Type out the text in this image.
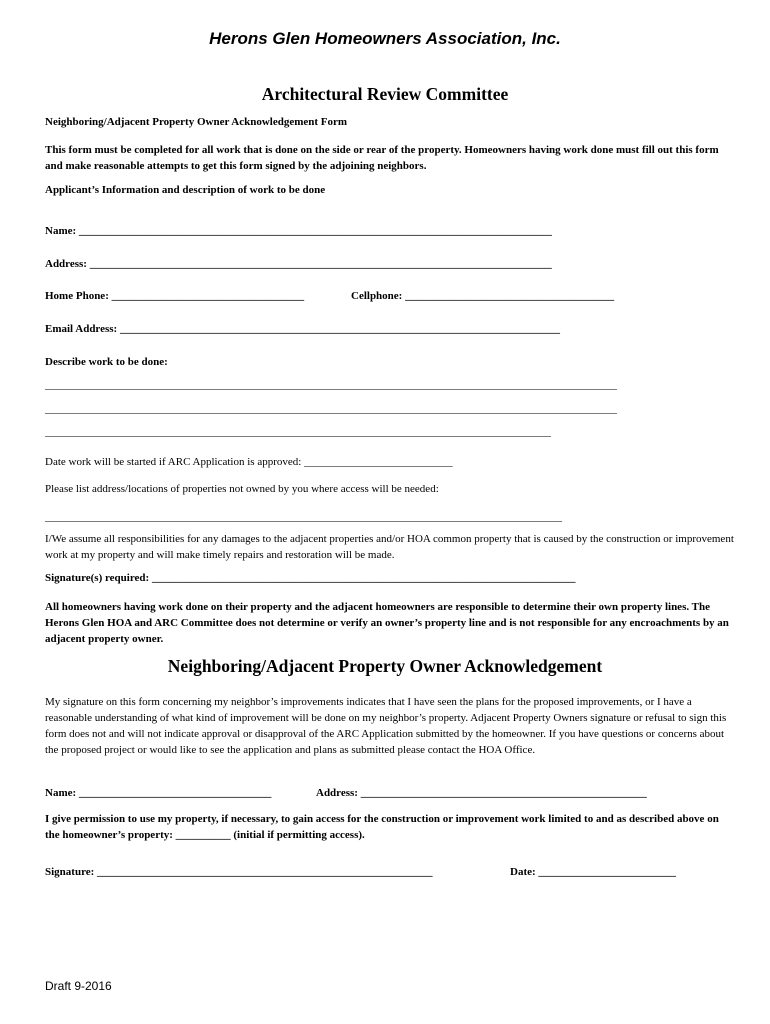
Herons Glen Homeowners Association, Inc.
Architectural Review Committee
Neighboring/Adjacent Property Owner Acknowledgement Form
This form must be completed for all work that is done on the side or rear of the property. Homeowners having work done must fill out this form and make reasonable attempts to get this form signed by the adjoining neighbors.
Applicant’s Information and description of work to be done
Name: ______________________________________________________________________________________
Address: ____________________________________________________________________________________
Home Phone: ___________________________________	Cellphone: ______________________________________
Email Address: ________________________________________________________________________________
Describe work to be done:
________________________________________________________________________________________________________
________________________________________________________________________________________________________
____________________________________________________________________________________________
Date work will be started if ARC Application is approved: ___________________________
Please list address/locations of properties not owned by you where access will be needed:
______________________________________________________________________________________________
I/We assume all responsibilities for any damages to the adjacent properties and/or HOA common property that is caused by the construction or improvement work at my property and will make timely repairs and restoration will be made.
Signature(s) required: _____________________________________________________________________________
All homeowners having work done on their property and the adjacent homeowners are responsible to determine their own property lines. The Herons Glen HOA and ARC Committee does not determine or verify an owner’s property line and is not responsible for any encroachments by an adjacent property owner.
Neighboring/Adjacent Property Owner Acknowledgement
My signature on this form concerning my neighbor’s improvements indicates that I have seen the plans for the proposed improvements, or I have a reasonable understanding of what kind of improvement will be done on my neighbor’s property. Adjacent Property Owners signature or refusal to sign this form does not and will not indicate approval or disapproval of the ARC Application submitted by the homeowner. If you have questions or concerns about the proposed project or would like to see the application and plans as submitted please contact the HOA Office.
Name: ___________________________________	Address: ____________________________________________________
I give permission to use my property, if necessary, to gain access for the construction or improvement work limited to and as described above on the homeowner’s property: __________ (initial if permitting access).
Signature: _____________________________________________________________	Date: _________________________
Draft 9-2016
